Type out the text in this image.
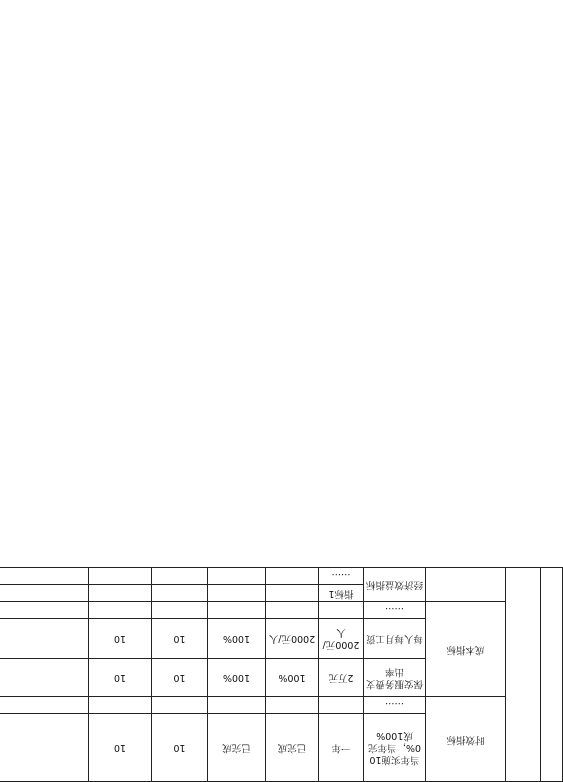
		时效指标	当年实施100%，当年完成100%	一年	已完成	已完成	10	10		
			……							
		成本指标	保安服务费支出率	2万元	100%	100%	10	10		
			每人每月工资	2000元/人	2000元/人	100%	10	10		
			……							
			经济效益指标	指标1						
				……						
